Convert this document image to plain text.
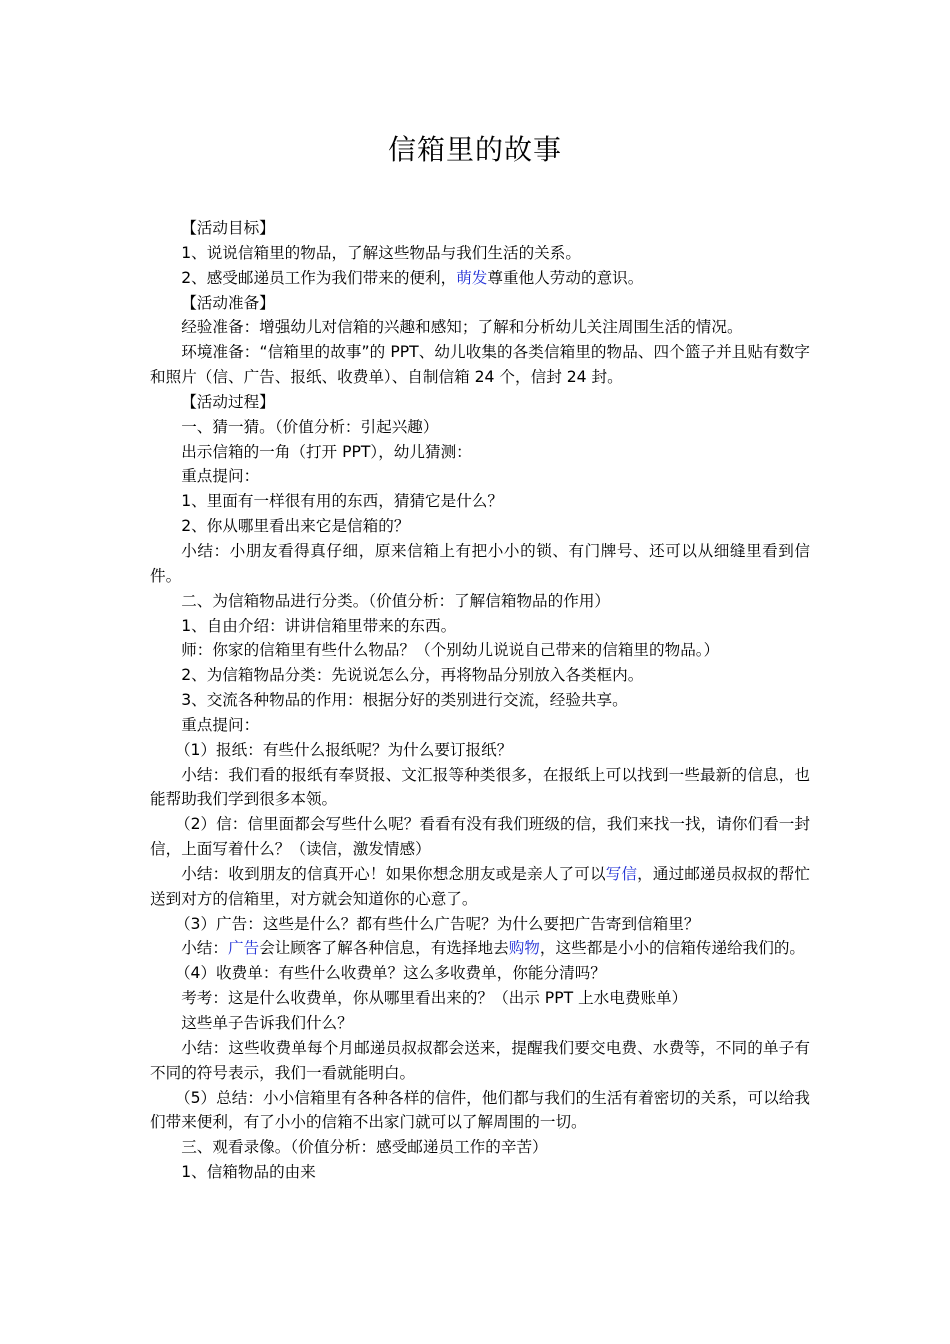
信箱里的故事

【活动目标】

1、说说信箱里的物品，了解这些物品与我们生活的关系。

2、感受邮递员工作为我们带来的便利，萌发尊重他人劳动的意识。

【活动准备】

经验准备：增强幼儿对信箱的兴趣和感知；了解和分析幼儿关注周围生活的情况。

环境准备：“信箱里的故事”的 PPT、幼儿收集的各类信箱里的物品、四个篮子并且贴有数字和照片（信、广告、报纸、收费单）、自制信箱 24 个，信封 24 封。

【活动过程】

一、猜一猜。（价值分析：引起兴趣）

出示信箱的一角（打开 PPT），幼儿猜测：

重点提问：

1、里面有一样很有用的东西，猜猜它是什么？

2、你从哪里看出来它是信箱的？

小结：小朋友看得真仔细，原来信箱上有把小小的锁、有门牌号、还可以从细缝里看到信件。

二、为信箱物品进行分类。（价值分析：了解信箱物品的作用）

1、自由介绍：讲讲信箱里带来的东西。

师：你家的信箱里有些什么物品？（个别幼儿说说自己带来的信箱里的物品。）

2、为信箱物品分类：先说说怎么分，再将物品分别放入各类框内。

3、交流各种物品的作用：根据分好的类别进行交流，经验共享。

重点提问：

（1）报纸：有些什么报纸呢？为什么要订报纸？

小结：我们看的报纸有奉贤报、文汇报等种类很多，在报纸上可以找到一些最新的信息，也能帮助我们学到很多本领。

（2）信：信里面都会写些什么呢？看看有没有我们班级的信，我们来找一找，请你们看一封信，上面写着什么？（读信，激发情感）

小结：收到朋友的信真开心！如果你想念朋友或是亲人了可以写信，通过邮递员叔叔的帮忙送到对方的信箱里，对方就会知道你的心意了。

（3）广告：这些是什么？都有些什么广告呢？为什么要把广告寄到信箱里？

小结：广告会让顾客了解各种信息，有选择地去购物，这些都是小小的信箱传递给我们的。

（4）收费单：有些什么收费单？这么多收费单，你能分清吗？

考考：这是什么收费单，你从哪里看出来的？（出示 PPT 上水电费账单）

这些单子告诉我们什么？

小结：这些收费单每个月邮递员叔叔都会送来，提醒我们要交电费、水费等，不同的单子有不同的符号表示，我们一看就能明白。

（5）总结：小小信箱里有各种各样的信件，他们都与我们的生活有着密切的关系，可以给我们带来便利，有了小小的信箱不出家门就可以了解周围的一切。

三、观看录像。（价值分析：感受邮递员工作的辛苦）

1、信箱物品的由来
